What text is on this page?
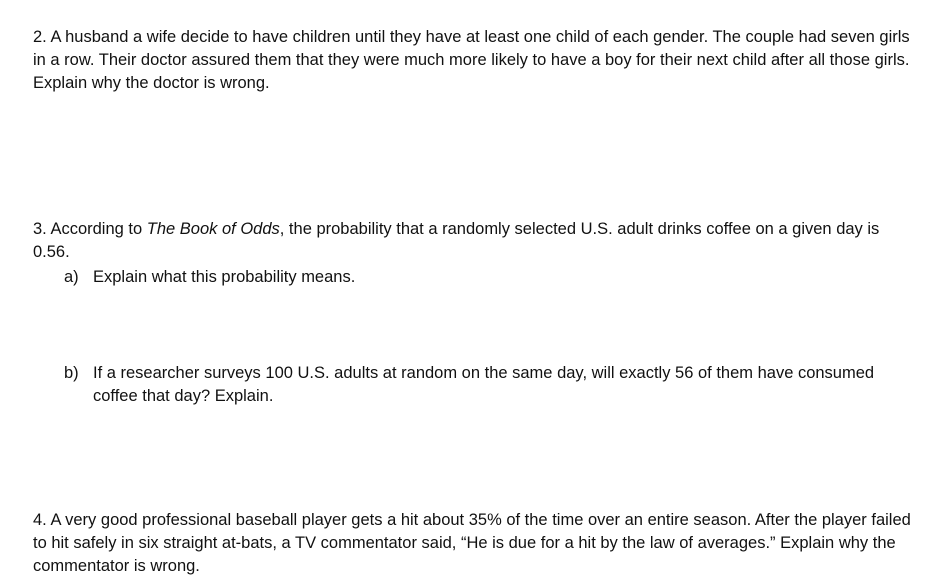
2. A husband a wife decide to have children until they have at least one child of each gender. The couple had seven girls in a row. Their doctor assured them that they were much more likely to have a boy for their next child after all those girls. Explain why the doctor is wrong.

3. According to The Book of Odds, the probability that a randomly selected U.S. adult drinks coffee on a given day is 0.56.

a) Explain what this probability means.
b) If a researcher surveys 100 U.S. adults at random on the same day, will exactly 56 of them have consumed coffee that day? Explain.

4. A very good professional baseball player gets a hit about 35% of the time over an entire season. After the player failed to hit safely in six straight at-bats, a TV commentator said, “He is due for a hit by the law of averages.” Explain why the commentator is wrong.
